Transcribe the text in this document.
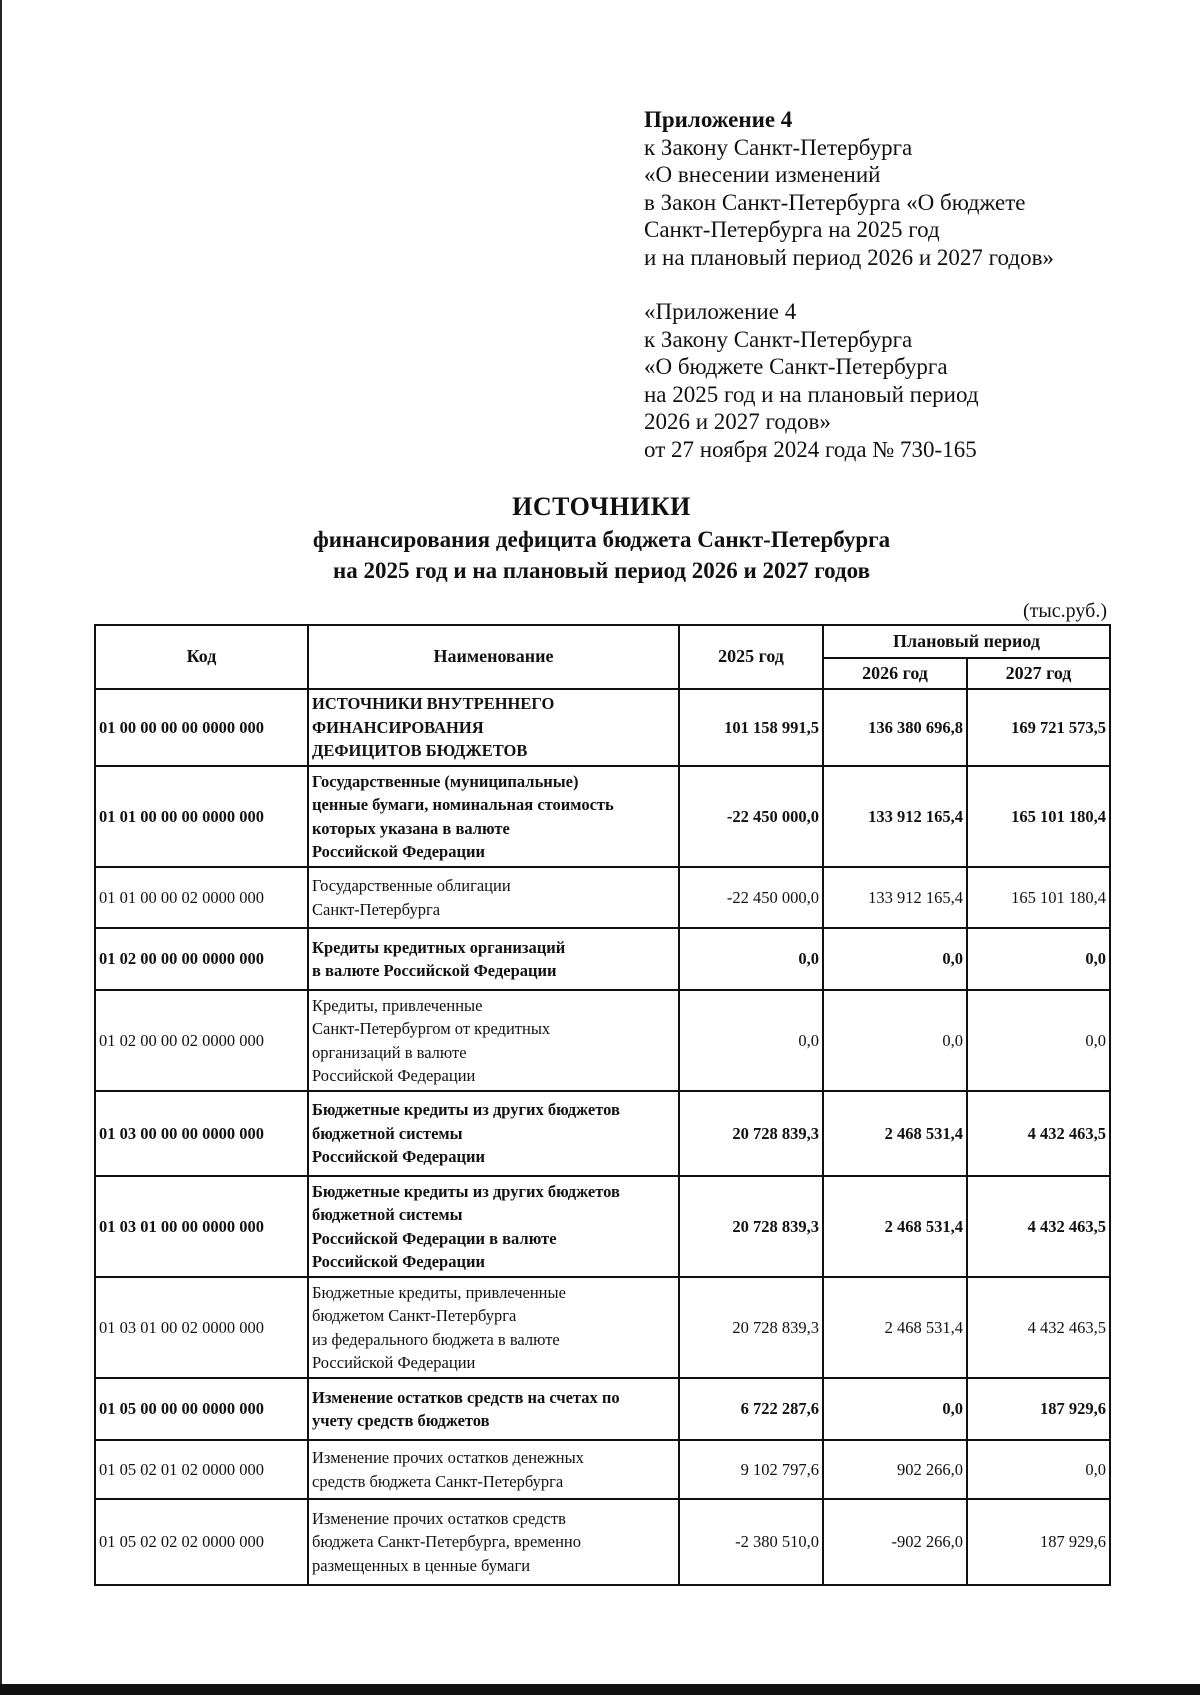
Приложение 4
к Закону Санкт-Петербурга
«О внесении изменений
в Закон Санкт-Петербурга «О бюджете
Санкт-Петербурга на 2025 год
и на плановый период 2026 и 2027 годов»
«Приложение 4
к Закону Санкт-Петербурга
«О бюджете Санкт-Петербурга
на 2025 год и на плановый период
2026 и 2027 годов»
от 27 ноября 2024 года № 730-165
ИСТОЧНИКИ
финансирования дефицита бюджета Санкт-Петербурга
на 2025 год и на плановый период 2026 и 2027 годов
(тыс.руб.)
Код	Наименование	2025 год	Плановый период	
			2026 год	2027 год
01 00 00 00 00 0000 000	ИСТОЧНИКИ ВНУТРЕННЕГО
ФИНАНСИРОВАНИЯ
ДЕФИЦИТОВ БЮДЖЕТОВ	101 158 991,5	136 380 696,8	169 721 573,5
01 01 00 00 00 0000 000	Государственные (муниципальные)
ценные бумаги, номинальная стоимость
которых указана в валюте
Российской Федерации	-22 450 000,0	133 912 165,4	165 101 180,4
01 01 00 00 02 0000 000	Государственные облигации
Санкт-Петербурга	-22 450 000,0	133 912 165,4	165 101 180,4
01 02 00 00 00 0000 000	Кредиты кредитных организаций
в валюте Российской Федерации	0,0	0,0	0,0
01 02 00 00 02 0000 000	Кредиты, привлеченные
Санкт-Петербургом от кредитных
организаций в валюте
Российской Федерации	0,0	0,0	0,0
01 03 00 00 00 0000 000	Бюджетные кредиты из других бюджетов
бюджетной системы
Российской Федерации	20 728 839,3	2 468 531,4	4 432 463,5
01 03 01 00 00 0000 000	Бюджетные кредиты из других бюджетов
бюджетной системы
Российской Федерации в валюте
Российской Федерации	20 728 839,3	2 468 531,4	4 432 463,5
01 03 01 00 02 0000 000	Бюджетные кредиты, привлеченные
бюджетом Санкт-Петербурга
из федерального бюджета в валюте
Российской Федерации	20 728 839,3	2 468 531,4	4 432 463,5
01 05 00 00 00 0000 000	Изменение остатков средств на счетах по
учету средств бюджетов	6 722 287,6	0,0	187 929,6
01 05 02 01 02 0000 000	Изменение прочих остатков денежных
средств бюджета Санкт-Петербурга	9 102 797,6	902 266,0	0,0
01 05 02 02 02 0000 000	Изменение прочих остатков средств
бюджета Санкт-Петербурга, временно
размещенных в ценные бумаги	-2 380 510,0	-902 266,0	187 929,6
